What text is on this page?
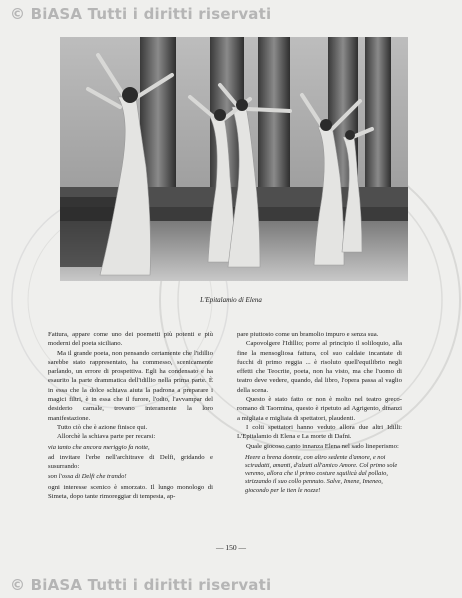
© BiASA Tutti i diritti riservati
L'Epitalamio di Elena

Fattura, appare come uno dei poemetti più potenti e più moderni del poeta siciliano.

Ma il grande poeta, non pensando certamente che l'idillio sarebbe stato rappresentato, ha commesso, scenicamente parlando, un errore di prospettiva. Egli ha condensato e ha esaurito la parte drammatica dell'idillio nella prima parte. È in essa che la dolce schiava aiuta la padrona a preparare i magici filtri, è in essa che il furore, l'odio, l'avvampar del desiderio carnale, trovano interamente la loro manifestazione.

Tutto ciò che è azione finisce qui.

Allorchè la schiava parte per recarsi:

via tanto che ancora meriggio fa notte,

ad invitare l'erbe nell'architrave di Delfi, gridando e susurrando:

son l'ossa di Delfi che trando!

ogni interesse scenico è smorzato. Il lungo monologo di Simeta, dopo tante rimoreggiar di tempesta, ap-

pare piuttosto come un bramolio impuro e senza sua.

Capovolgere l'Idillio; porre al principio il soliloquio, alla fine la mensogliosa fattura, col suo caldaie incantate di fucchi di primo reggia ... è risoluto quell'equilibrio negli effetti che Teocrite, poeta, non ha visto, ma che l'uomo di teatro deve vedere, quando, dal libro, l'opera passa al vaglio della scena.

Questo è stato fatto or non è molto nel teatro greco-romano di Taormina, questo è ripetuto ad Agrigento, dinanzi a migliaia e migliaia di spettatori, plaudenti.

I colti spettatori hanno veduto allora due altri Idilli: L'Epitalamio di Elena e La morte di Dafni.

Quale giocoso canto innanza Elena nel sado lineperismo:

Heere a hrena donnte, con altro sedente d'amore, e noi sciradatti, amanti, d'alzati all'amico Amore. Col primo sole veremo, allora che il primo costure squilicà dal pollaio, strizzando il suo collo pennuto. Salve, Imene, Imeneo, giocondo per le tien le nozze!

— 150 —
© BiASA Tutti i diritti riservati
